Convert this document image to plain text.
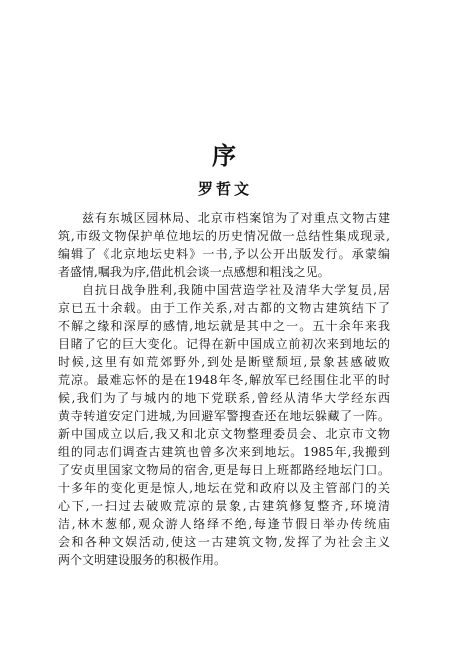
序
罗哲文
兹有东城区园林局、北京市档案馆为了对重点文物古建
筑,市级文物保护单位地坛的历史情况做一总结性集成现录,
编辑了《北京地坛史料》一书,予以公开出版发行。承蒙编
者盛情,嘱我为序,借此机会谈一点感想和粗浅之见。
自抗日战争胜利,我随中国营造学社及清华大学复员,居
京已五十余载。由于工作关系,对古都的文物古建筑结下了
不解之缘和深厚的感情,地坛就是其中之一。五十余年来我
目睹了它的巨大变化。记得在新中国成立前初次来到地坛的
时候,这里有如荒郊野外,到处是断壁颓垣,景象甚感破败
荒凉。最难忘怀的是在1948年冬,解放军已经围住北平的时
候,我们为了与城内的地下党联系,曾经从清华大学经东西
黄寺转道安定门进城,为回避军警搜查还在地坛躲藏了一阵。
新中国成立以后,我又和北京文物整理委员会、北京市文物
组的同志们调查古建筑也曾多次来到地坛。1985年,我搬到
了安贞里国家文物局的宿舍,更是每日上班都路经地坛门口。
十多年的变化更是惊人,地坛在党和政府以及主管部门的关
心下,一扫过去破败荒凉的景象,古建筑修复整齐,环境清
洁,林木葱郁,观众游人络绎不绝,每逢节假日举办传统庙
会和各种文娱活动,使这一古建筑文物,发挥了为社会主义
两个文明建设服务的积极作用。
